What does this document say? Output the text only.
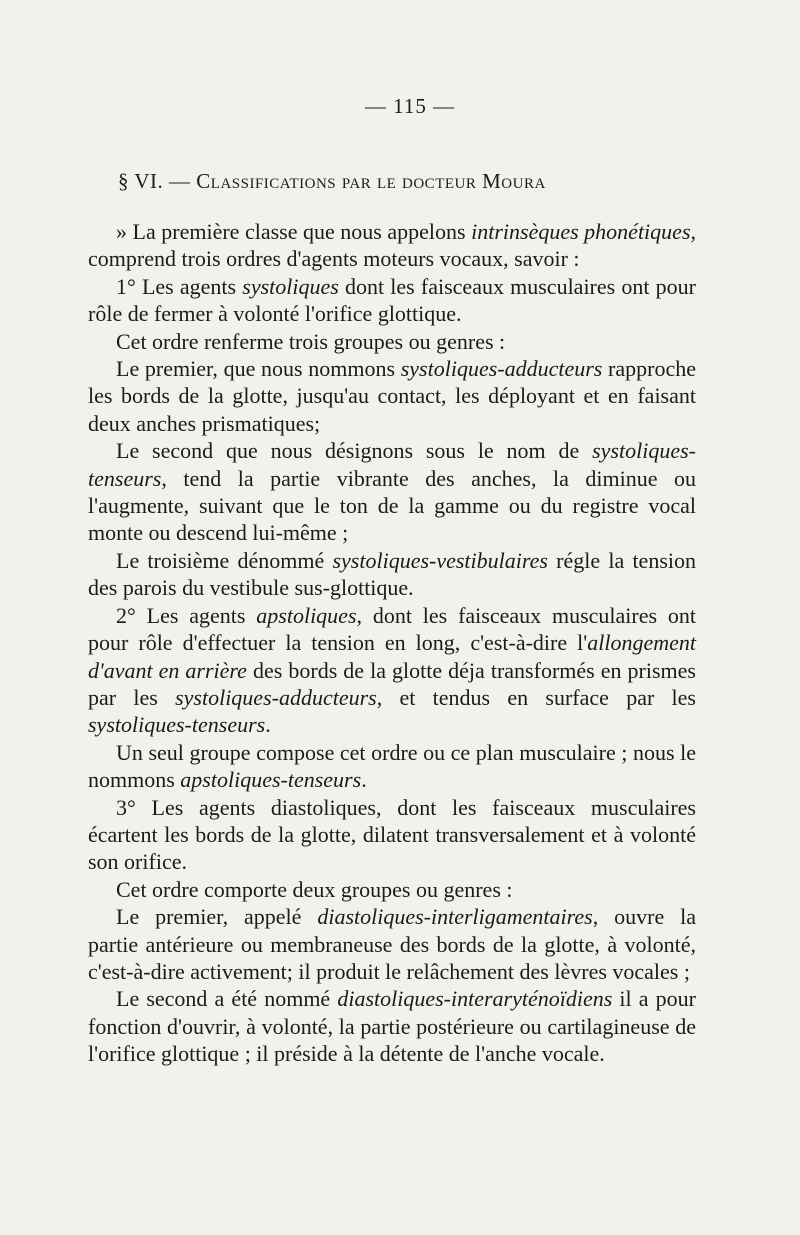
— 115 —
§ VI. — Classifications par le docteur Moura

» La première classe que nous appelons intrinsèques phonétiques, comprend trois ordres d'agents moteurs vocaux, savoir :

1° Les agents systoliques dont les faisceaux musculaires ont pour rôle de fermer à volonté l'orifice glottique.

Cet ordre renferme trois groupes ou genres :

Le premier, que nous nommons systoliques-adducteurs rapproche les bords de la glotte, jusqu'au contact, les déployant et en faisant deux anches prismatiques;

Le second que nous désignons sous le nom de systoliques-tenseurs, tend la partie vibrante des anches, la diminue ou l'augmente, suivant que le ton de la gamme ou du registre vocal monte ou descend lui-même ;

Le troisième dénommé systoliques-vestibulaires régle la tension des parois du vestibule sus-glottique.

2° Les agents apstoliques, dont les faisceaux musculaires ont pour rôle d'effectuer la tension en long, c'est-à-dire l'allongement d'avant en arrière des bords de la glotte déja transformés en prismes par les systoliques-adducteurs, et tendus en surface par les systoliques-tenseurs.

Un seul groupe compose cet ordre ou ce plan musculaire ; nous le nommons apstoliques-tenseurs.

3° Les agents diastoliques, dont les faisceaux musculaires écartent les bords de la glotte, dilatent transversalement et à volonté son orifice.

Cet ordre comporte deux groupes ou genres :

Le premier, appelé diastoliques-interligamentaires, ouvre la partie antérieure ou membraneuse des bords de la glotte, à volonté, c'est-à-dire activement; il produit le relâchement des lèvres vocales ;

Le second a été nommé diastoliques-interaryténoïdiens il a pour fonction d'ouvrir, à volonté, la partie postérieure ou cartilagineuse de l'orifice glottique ; il préside à la détente de l'anche vocale.
